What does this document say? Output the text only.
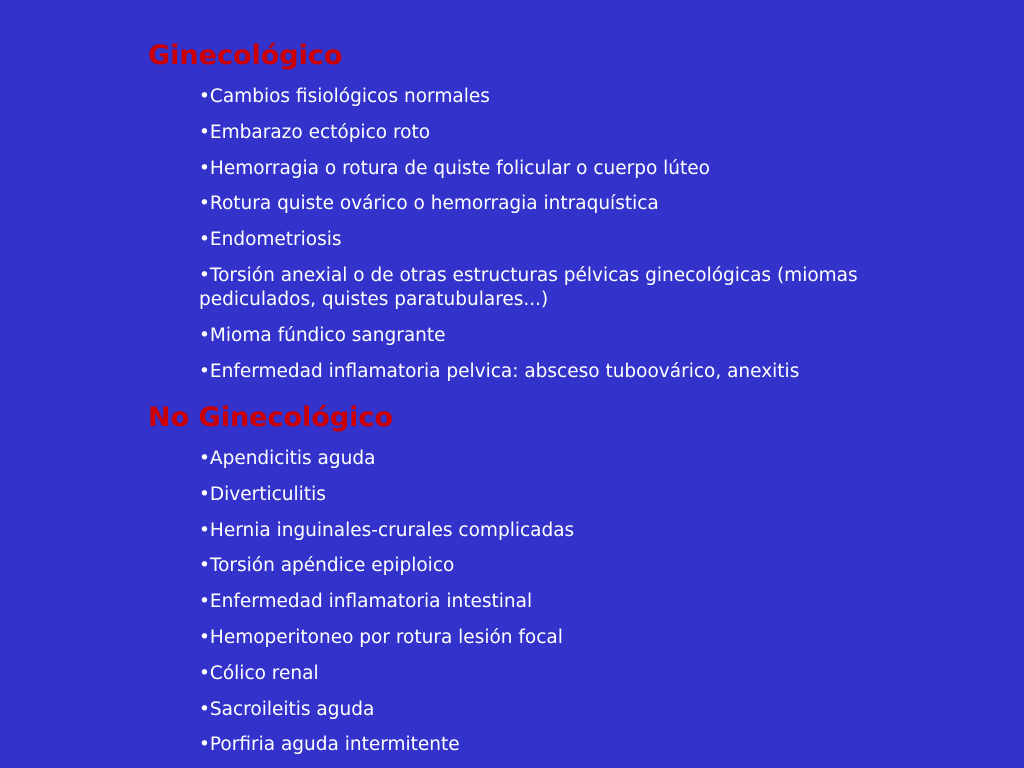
Ginecológico
•Cambios fisiológicos normales
•Embarazo ectópico roto
•Hemorragia o rotura de quiste folicular o cuerpo lúteo
•Rotura quiste ovárico o hemorragia intraquística
•Endometriosis
•Torsión anexial o de otras estructuras pélvicas ginecológicas (miomas pediculados, quistes paratubulares...)
•Mioma fúndico sangrante
•Enfermedad inflamatoria pelvica: absceso tuboovárico, anexitis
No Ginecológico
•Apendicitis aguda
•Diverticulitis
•Hernia inguinales-crurales complicadas
•Torsión apéndice epiploico
•Enfermedad inflamatoria intestinal
•Hemoperitoneo por rotura lesión focal
•Cólico renal
•Sacroileitis aguda
•Porfiria aguda intermitente
